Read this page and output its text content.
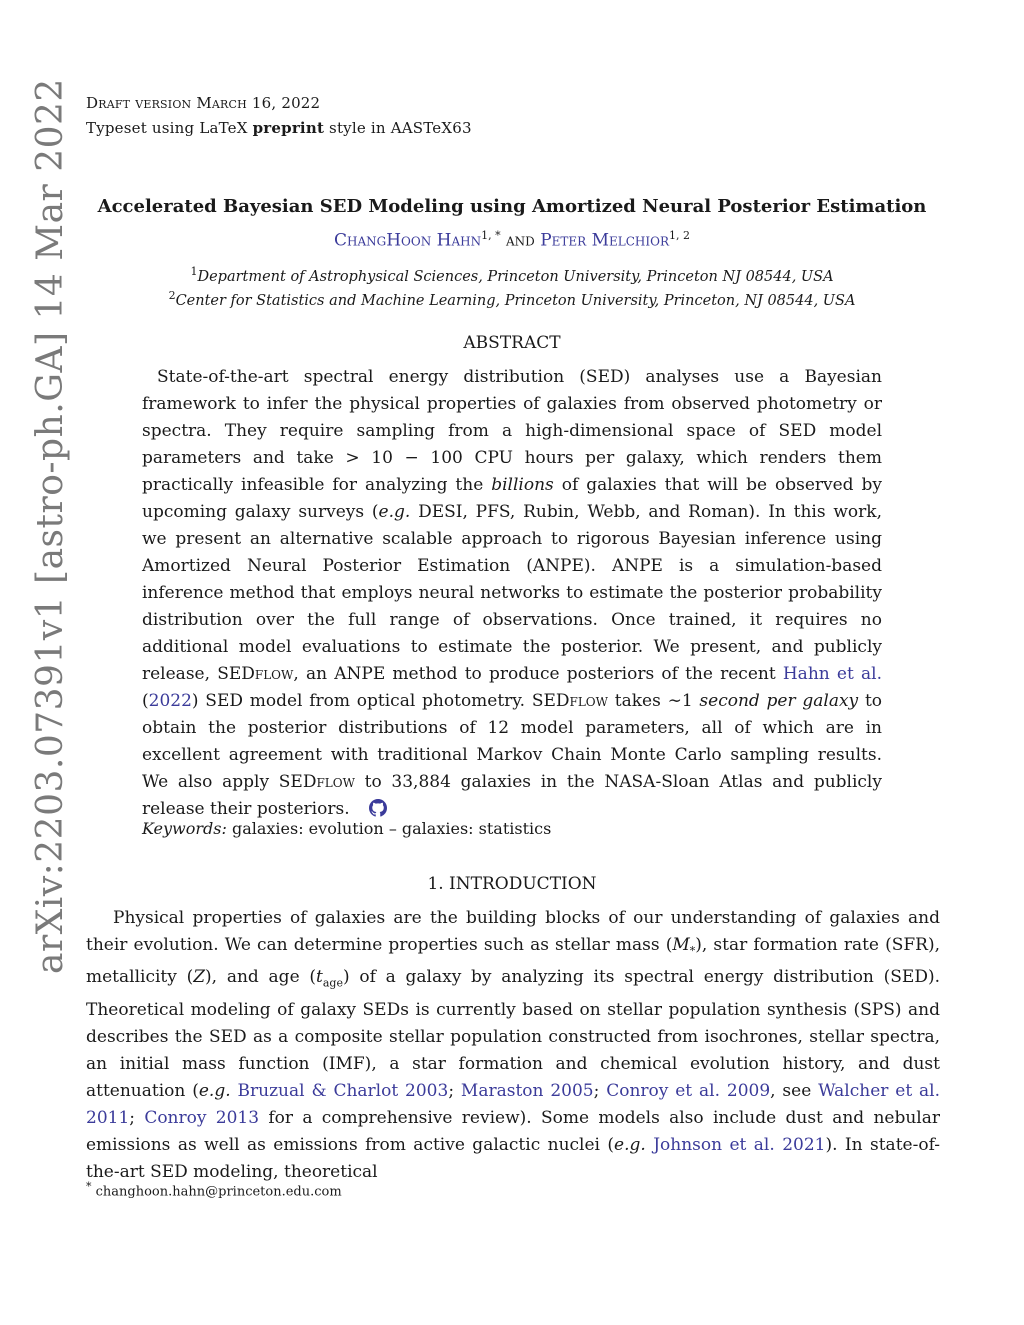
arXiv:2203.07391v1 [astro-ph.GA] 14 Mar 2022 Draft version March 16, 2022
Typeset using LaTeX preprint style in AASTeX63
Accelerated Bayesian SED Modeling using Amortized Neural Posterior Estimation
ChangHoon Hahn$^{1, *}$ and Peter Melchior$^{1, 2}$
$^1$Department of Astrophysical Sciences, Princeton University, Princeton NJ 08544, USA
$^2$Center for Statistics and Machine Learning, Princeton University, Princeton, NJ 08544, USA
ABSTRACT

State-of-the-art spectral energy distribution (SED) analyses use a Bayesian framework to infer the physical properties of galaxies from observed photometry or spectra. They require sampling from a high-dimensional space of SED model parameters and take > 10 − 100 CPU hours per galaxy, which renders them practically infeasible for analyzing the billions of galaxies that will be observed by upcoming galaxy surveys (e.g. DESI, PFS, Rubin, Webb, and Roman). In this work, we present an alternative scalable approach to rigorous Bayesian inference using Amortized Neural Posterior Estimation (ANPE). ANPE is a simulation-based inference method that employs neural networks to estimate the posterior probability distribution over the full range of observations. Once trained, it requires no additional model evaluations to estimate the posterior. We present, and publicly release, SEDflow, an ANPE method to produce posteriors of the recent Hahn et al. (2022) SED model from optical photometry. SEDflow takes ∼1 second per galaxy to obtain the posterior distributions of 12 model parameters, all of which are in excellent agreement with traditional Markov Chain Monte Carlo sampling results. We also apply SEDflow to 33,884 galaxies in the NASA-Sloan Atlas and publicly release their posteriors.

Keywords: galaxies: evolution – galaxies: statistics
1. INTRODUCTION

Physical properties of galaxies are the building blocks of our understanding of galaxies and their evolution. We can determine properties such as stellar mass $(M_*)$, star formation rate (SFR), metallicity (Z), and age $(t_{age})$ of a galaxy by analyzing its spectral energy distribution (SED). Theoretical modeling of galaxy SEDs is currently based on stellar population synthesis (SPS) and describes the SED as a composite stellar population constructed from isochrones, stellar spectra, an initial mass function (IMF), a star formation and chemical evolution history, and dust attenuation (e.g. Bruzual & Charlot 2003; Maraston 2005; Conroy et al. 2009, see Walcher et al. 2011; Conroy 2013 for a comprehensive review). Some models also include dust and nebular emissions as well as emissions from active galactic nuclei (e.g. Johnson et al. 2021). In state-of-the-art SED modeling, theoretical

* changhoon.hahn@princeton.edu.com
